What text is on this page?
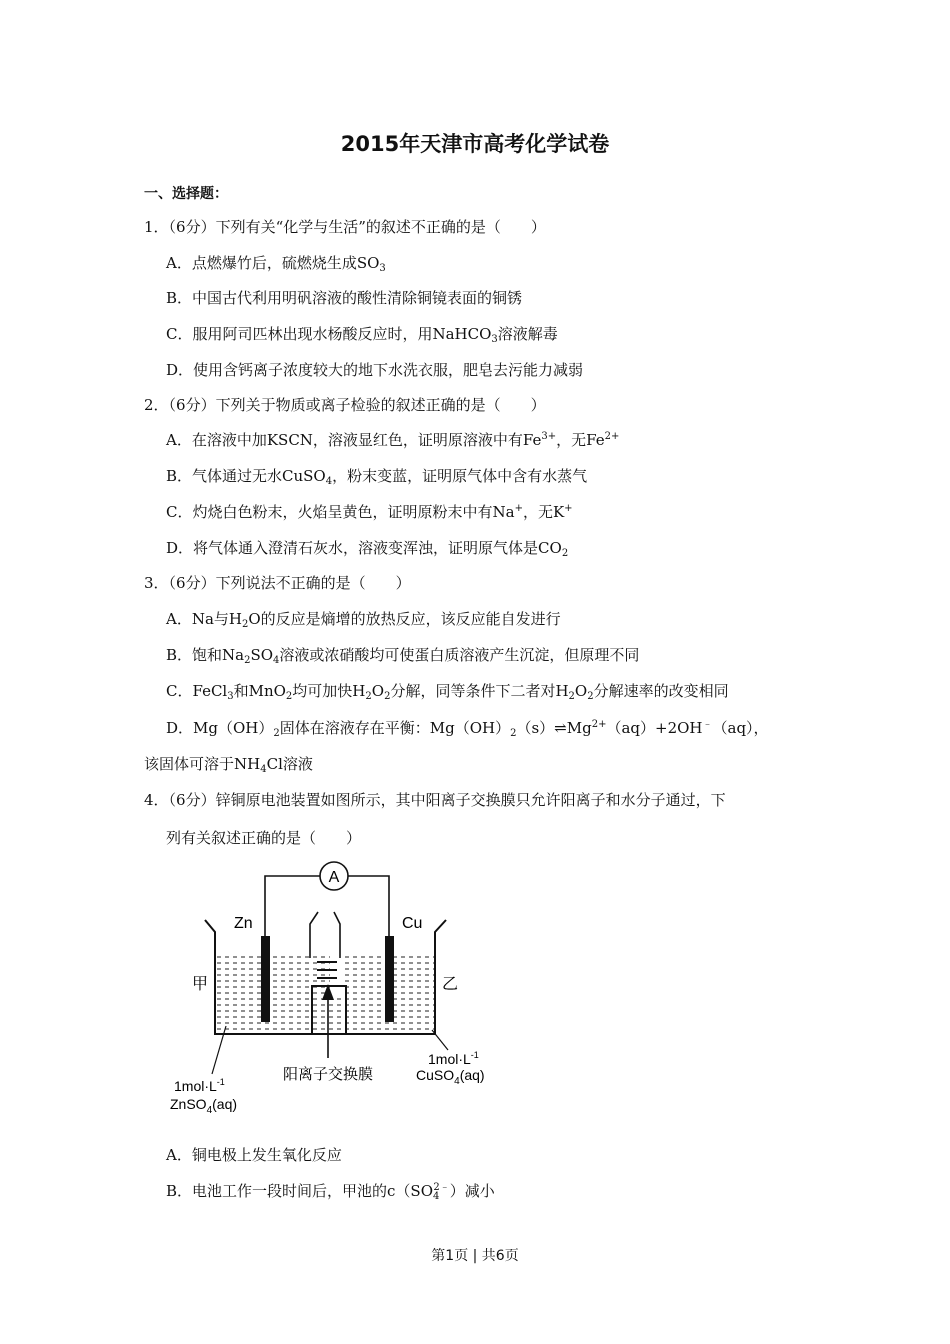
2015年天津市高考化学试卷
一、选择题：
1．（6分）下列有关“化学与生活”的叙述不正确的是（　　）
A．点燃爆竹后，硫燃烧生成$SO_3$
B．中国古代利用明矾溶液的酸性清除铜镜表面的铜锈
C．服用阿司匹林出现水杨酸反应时，用NaHCO$_3$溶液解毒
D．使用含钙离子浓度较大的地下水洗衣服，肥皂去污能力减弱
2．（6分）下列关于物质或离子检验的叙述正确的是（　　）
A．在溶液中加KSCN，溶液显红色，证明原溶液中有$Fe^{3+}$，无$Fe^{2+}$
B．气体通过无水CuSO$_4$，粉末变蓝，证明原气体中含有水蒸气
C．灼烧白色粉末，火焰呈黄色，证明原粉末中有Na+，无K+
D．将气体通入澄清石灰水，溶液变浑浊，证明原气体是$CO_2$
3．（6分）下列说法不正确的是（　　）
A．Na与$H_2O$的反应是熵增的放热反应，该反应能自发进行
B．饱和$Na_2SO_4$溶液或浓硝酸均可使蛋白质溶液产生沉淀，但原理不同
C．FeCl$_3$和MnO$_2$均可加快$H_2O_2$分解，同等条件下二者对$H_2O_2$分解速率的改变相同
D．$Mg(OH)_2$固体在溶液存在平衡：$Mg(OH)_2(s)\rightleftharpoons Mg^{2+}(aq)+2OH^﹣(aq)$，
该固体可溶于$NH_4Cl$溶液
4．（6分）锌铜原电池装置如图所示，其中阳离子交换膜只允许阳离子和水分子通过，下
列有关叙述正确的是（　　）
A
Zn	Cu
甲	乙
阳离子交换膜
$1mol\cdot L^{-1}$
ZnSO$_4$(aq)
$1mol\cdot L^{-1}$
CuSO$_4$(aq)
A．铜电极上发生氧化反应
B．电池工作一段时间后，甲池的$c(SO_4^{2﹣})$减小
第1页 | 共6页
